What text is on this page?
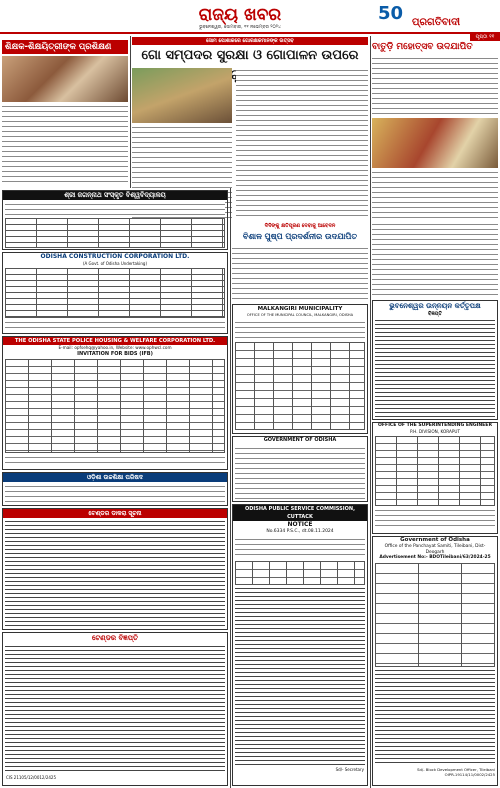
ରାଜ୍ୟ ଖବର
ଭୁବନେଶ୍ୱର, ସୋମବାର, ୧୧ ନଭେମ୍ବର ୨୦୨୪
50 ପ୍ରଗତିବାଦୀ
ପୃଷ୍ଠା ୧୧
ଶିକ୍ଷକ-ଶିକ୍ଷୟିତ୍ରୀଙ୍କ ପ୍ରଶିକ୍ଷଣ
ସୋମ ପୋଶାକରେ ଗୋରକ୍ଷକମାନଙ୍କ ଉତ୍ସବ
ଗୋ ସମ୍ପଦର ସୁରକ୍ଷା ଓ ଗୋପାଳନ ଉପରେ
ବାତୁଡ଼ି ମହୋତ୍ସବ ଉଦଯାପିତ
ଶ୍ରୀ ଜଗନ୍ନାଥ ସଂସ୍କୃତ ବିଶ୍ୱବିଦ୍ୟାଳୟ
ODISHA CONSTRUCTION CORPORATION LTD.
(A Govt. of Odisha Undertaking)
THE ODISHA STATE POLICE HOUSING & WELFARE CORPORATION LTD.
E-mail: opfsehq@yahoo.in, Website: www.ophwcl.com
INVITATION FOR BIDS (IFB)
ଓଡ଼ିଶା ଉଚ୍ଚଶିକ୍ଷା ପରିଷଦ
ଟେଣ୍ଡର ଡାକରା ସୂଚନା
ଟେଣ୍ଡର ବିଜ୍ଞପ୍ତି
CIS 21105/12/0012/2425
ଦିଦିଙ୍କୁ କ୍ଷତିପୂରଣ ଦେବାକୁ ଆବେଦନ
ବିଶାଳ ପୁଷ୍ପ ପ୍ରଦର୍ଶନୀର ଉଦଯାପିତ
MALKANGIRI MUNICIPALITY
OFFICE OF THE MUNICIPAL COUNCIL, MALKANGIRI, ODISHA
GOVERNMENT OF ODISHA
ODISHA PUBLIC SERVICE COMMISSION, CUTTACK
NOTICE
No.6334 P.S.C., dt.08.11.2024
Sd/- Secretary
ଭୁବନେଶ୍ୱର ଉନ୍ନୟନ କର୍ତ୍ତୃପକ୍ଷ
ବିଜ୍ଞପ୍ତି
OFFICE OF THE SUPERINTENDING ENGINEER
P.H. DIVISION, KORAPUT
Government of Odisha
Office of the Panchayat Samiti, Tileibani, Dist-Deogarh
Advertisement No:- BDOTileibani/63/2024-25
Sd/- Block Development Officer, Tileibani
OIPR-19114/11/0002/2425
